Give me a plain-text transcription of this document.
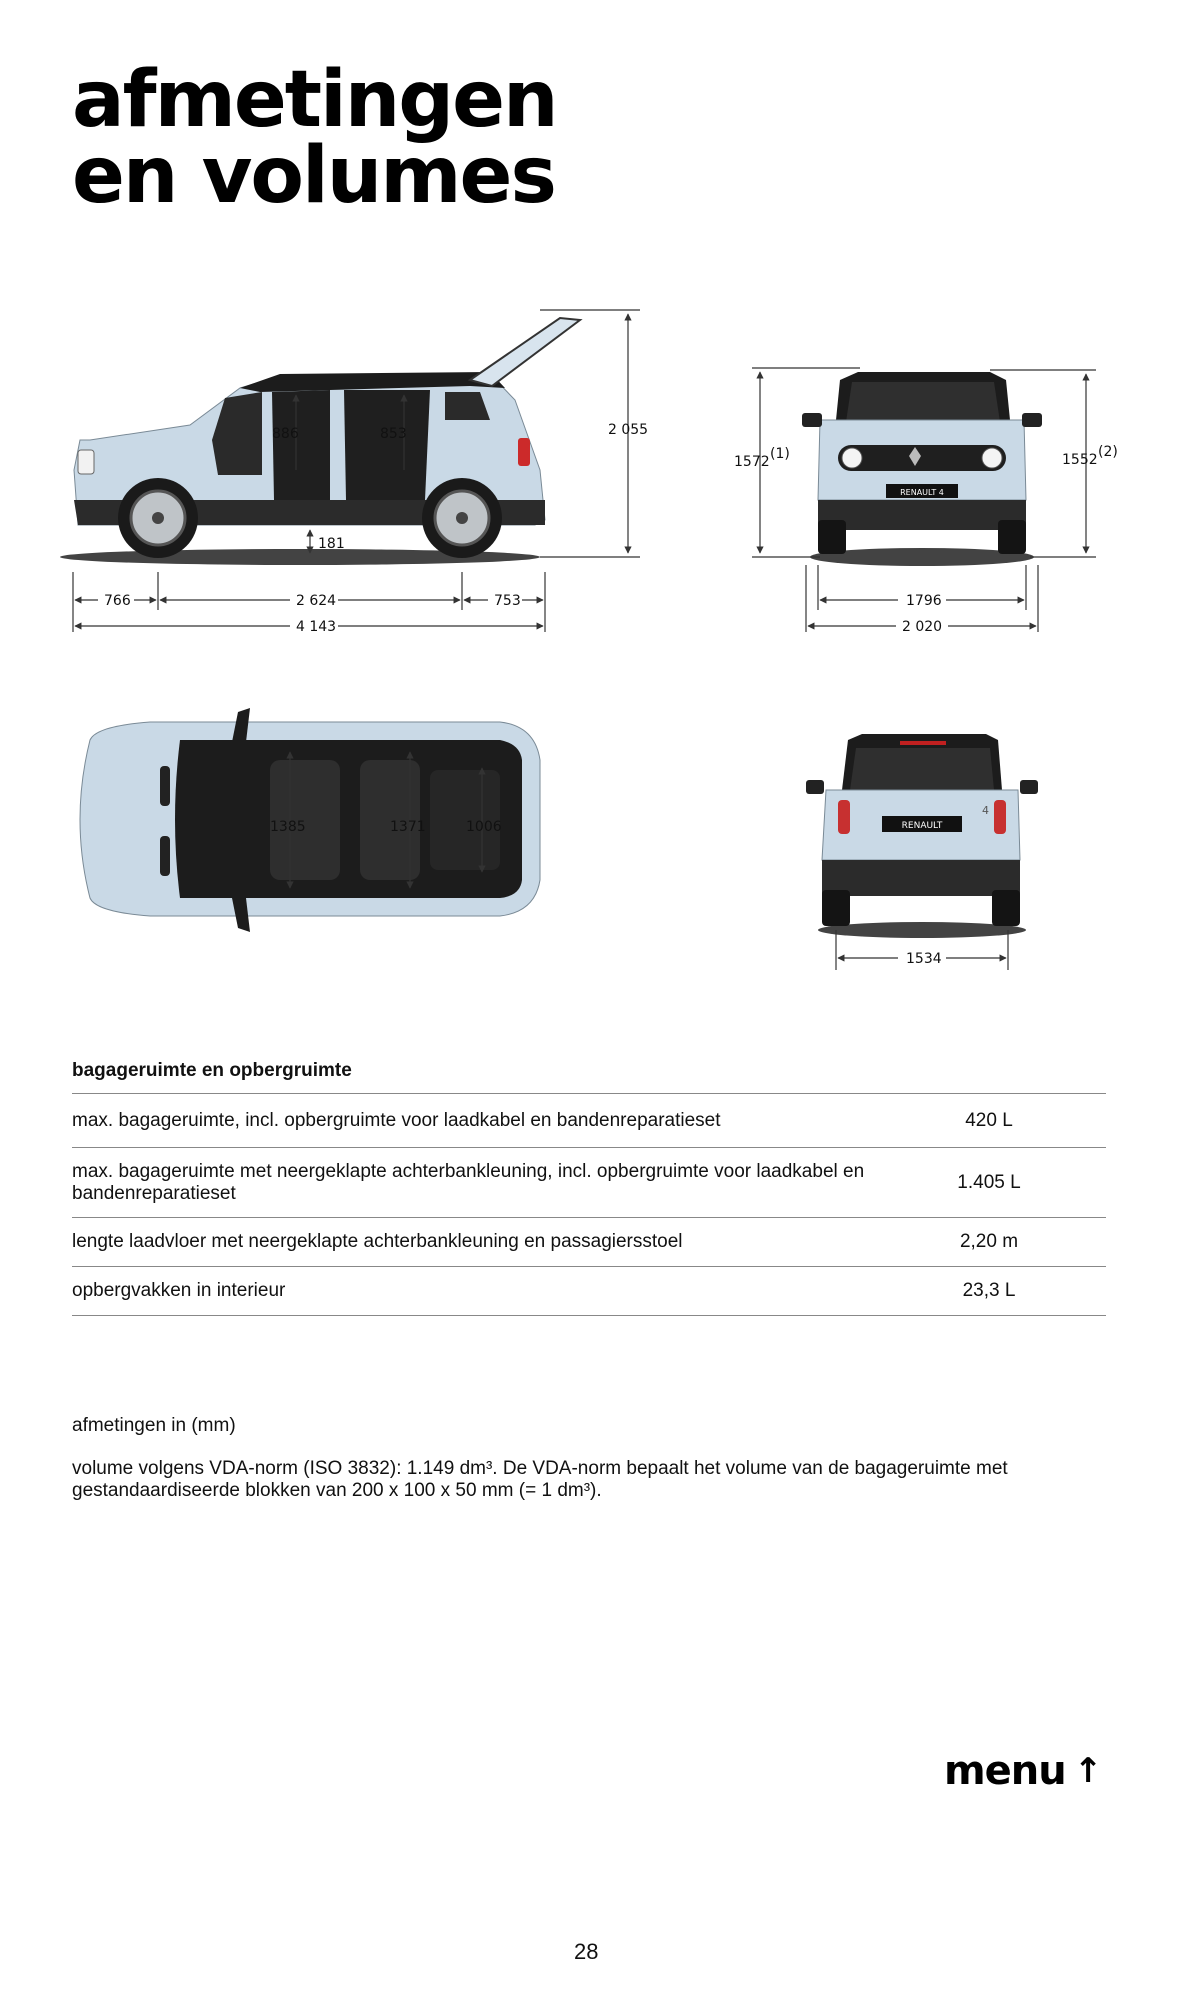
afmetingen
en volumes
886	853	2 055
181
766	2 624	753
4 143
RENAULT 4
1572 (1)	1552 (2)
1796
2 020
1385	1371	1006	RENAULT
4
1534
bagageruimte en opbergruimte
max. bagageruimte, incl. opbergruimte voor laadkabel en bandenreparatieset	420 L
max. bagageruimte met neergeklapte achterbankleuning, incl. opbergruimte voor laadkabel en bandenreparatieset	1.405 L
lengte laadvloer met neergeklapte achterbankleuning en passagiersstoel	2,20 m
opbergvakken in interieur	23,3 L
afmetingen in (mm)
volume volgens VDA-norm (ISO 3832): 1.149 dm³. De VDA-norm bepaalt het volume van de bagageruimte met gestandaardiseerde blokken van 200 x 100 x 50 mm (= 1 dm³).
menu ↑
28
